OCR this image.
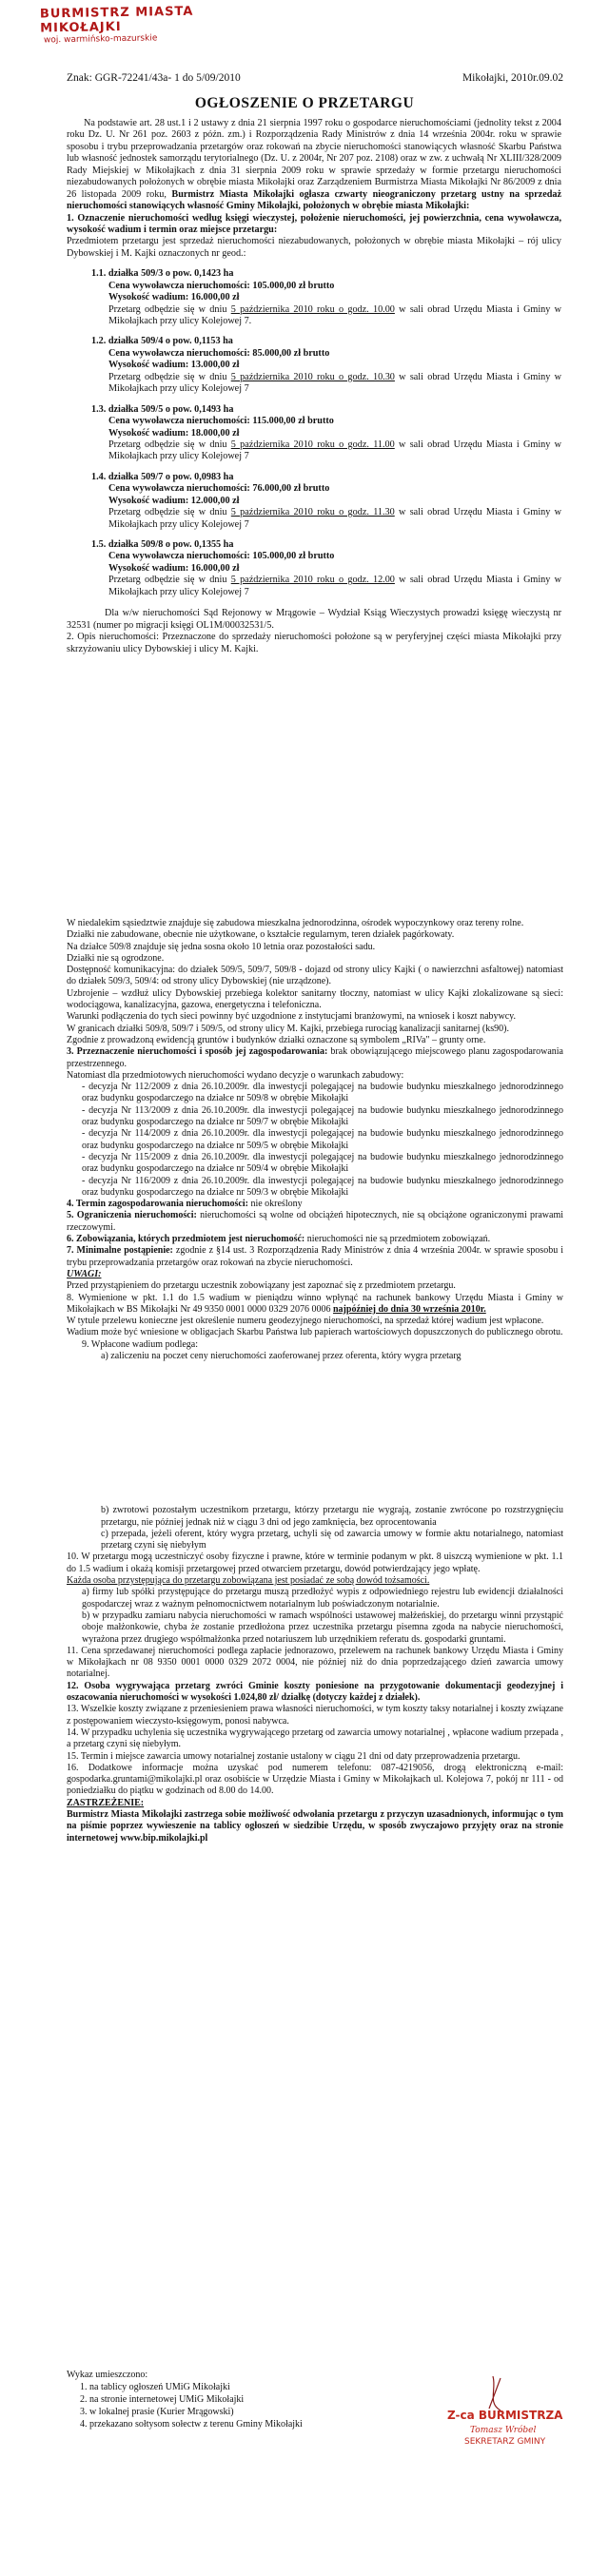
BURMISTRZ MIASTA MIKOŁAJKI
woj. warmińsko-mazurskie
Znak: GGR-72241/43a- 1 do 5/09/2010	Mikołajki, 2010r.09.02
OGŁOSZENIE O PRZETARGU

Na podstawie art. 28 ust.1 i 2 ustawy z dnia 21 sierpnia 1997 roku o gospodarce nieruchomościami (jednolity tekst z 2004 roku Dz. U. Nr 261 poz. 2603 z późn. zm.) i Rozporządzenia Rady Ministrów z dnia 14 września 2004r. roku w sprawie sposobu i trybu przeprowadzania przetargów oraz rokowań na zbycie nieruchomości stanowiących własność Skarbu Państwa lub własność jednostek samorządu terytorialnego (Dz. U. z 2004r, Nr 207 poz. 2108) oraz w zw. z uchwałą Nr XLIII/328/2009 Rady Miejskiej w Mikołajkach z dnia 31 sierpnia 2009 roku w sprawie sprzedaży w formie przetargu nieruchomości niezabudowanych położonych w obrębie miasta Mikołajki oraz Zarządzeniem Burmistrza Miasta Mikołajki Nr 86/2009 z dnia 26 listopada 2009 roku, Burmistrz Miasta Mikołajki ogłasza czwarty nieograniczony przetarg ustny na sprzedaż nieruchomości stanowiących własność Gminy Mikołajki, położonych w obrębie miasta Mikołajki:

1. Oznaczenie nieruchomości według księgi wieczystej, położenie nieruchomości, jej powierzchnia, cena wywoławcza, wysokość wadium i termin oraz miejsce przetargu:

Przedmiotem przetargu jest sprzedaż nieruchomości niezabudowanych, położonych w obrębie miasta Mikołajki – rój ulicy Dybowskiej i M. Kajki oznaczonych nr geod.:

1.1. działka 509/3 o pow. 0,1423 ha
Cena wywoławcza nieruchomości: 105.000,00 zł brutto
Wysokość wadium: 16.000,00 zł
Przetarg odbędzie się w dniu 5 października 2010 roku o godz. 10.00 w sali obrad Urzędu Miasta i Gminy w Mikołajkach przy ulicy Kolejowej 7.
1.2. działka 509/4 o pow. 0,1153 ha
Cena wywoławcza nieruchomości: 85.000,00 zł brutto
Wysokość wadium: 13.000,00 zł
Przetarg odbędzie się w dniu 5 października 2010 roku o godz. 10.30 w sali obrad Urzędu Miasta i Gminy w Mikołajkach przy ulicy Kolejowej 7
1.3. działka 509/5 o pow. 0,1493 ha
Cena wywoławcza nieruchomości: 115.000,00 zł brutto
Wysokość wadium: 18.000,00 zł
Przetarg odbędzie się w dniu 5 października 2010 roku o godz. 11.00 w sali obrad Urzędu Miasta i Gminy w Mikołajkach przy ulicy Kolejowej 7
1.4. działka 509/7 o pow. 0,0983 ha
Cena wywoławcza nieruchomości: 76.000,00 zł brutto
Wysokość wadium: 12.000,00 zł
Przetarg odbędzie się w dniu 5 października 2010 roku o godz. 11.30 w sali obrad Urzędu Miasta i Gminy w Mikołajkach przy ulicy Kolejowej 7
1.5. działka 509/8 o pow. 0,1355 ha
Cena wywoławcza nieruchomości: 105.000,00 zł brutto
Wysokość wadium: 16.000,00 zł
Przetarg odbędzie się w dniu 5 października 2010 roku o godz. 12.00 w sali obrad Urzędu Miasta i Gminy w Mikołajkach przy ulicy Kolejowej 7

Dla w/w nieruchomości Sąd Rejonowy w Mrągowie – Wydział Ksiąg Wieczystych prowadzi księgę wieczystą nr 32531 (numer po migracji księgi OL1M/00032531/5.

2. Opis nieruchomości: Przeznaczone do sprzedaży nieruchomości położone są w peryferyjnej części miasta Mikołajki przy skrzyżowaniu ulicy Dybowskiej i ulicy M. Kajki.

W niedalekim sąsiedztwie znajduje się zabudowa mieszkalna jednorodzinna, ośrodek wypoczynkowy oraz tereny rolne.

Działki nie zabudowane, obecnie nie użytkowane, o kształcie regularnym, teren działek pagórkowaty.

Na działce 509/8 znajduje się jedna sosna około 10 letnia oraz pozostałości sadu.

Działki nie są ogrodzone.

Dostępność komunikacyjna: do działek 509/5, 509/7, 509/8 - dojazd od strony ulicy Kajki ( o nawierzchni asfaltowej) natomiast do działek 509/3, 509/4: od strony ulicy Dybowskiej (nie urządzone).

Uzbrojenie – wzdłuż ulicy Dybowskiej przebiega kolektor sanitarny tłoczny, natomiast w ulicy Kajki zlokalizowane są sieci: wodociągowa, kanalizacyjna, gazowa, energetyczna i telefoniczna.

Warunki podłączenia do tych sieci powinny być uzgodnione z instytucjami branżowymi, na wniosek i koszt nabywcy.

W granicach działki 509/8, 509/7 i 509/5, od strony ulicy M. Kajki, przebiega rurociąg kanalizacji sanitarnej (ks90).

Zgodnie z prowadzoną ewidencją gruntów i budynków działki oznaczone są symbolem „RIVa" – grunty orne.

3. Przeznaczenie nieruchomości i sposób jej zagospodarowania: brak obowiązującego miejscowego planu zagospodarowania przestrzennego.

Natomiast dla przedmiotowych nieruchomości wydano decyzje o warunkach zabudowy:

- decyzja Nr 112/2009 z dnia 26.10.2009r. dla inwestycji polegającej na budowie budynku mieszkalnego jednorodzinnego oraz budynku gospodarczego na działce nr 509/8 w obrębie Mikołajki

- decyzja Nr 113/2009 z dnia 26.10.2009r. dla inwestycji polegającej na budowie budynku mieszkalnego jednorodzinnego oraz budynku gospodarczego na działce nr 509/7 w obrębie Mikołajki

- decyzja Nr 114/2009 z dnia 26.10.2009r. dla inwestycji polegającej na budowie budynku mieszkalnego jednorodzinnego oraz budynku gospodarczego na działce nr 509/5 w obrębie Mikołajki

- decyzja Nr 115/2009 z dnia 26.10.2009r. dla inwestycji polegającej na budowie budynku mieszkalnego jednorodzinnego oraz budynku gospodarczego na działce nr 509/4 w obrębie Mikołajki

- decyzja Nr 116/2009 z dnia 26.10.2009r. dla inwestycji polegającej na budowie budynku mieszkalnego jednorodzinnego oraz budynku gospodarczego na działce nr 509/3 w obrębie Mikołajki

4. Termin zagospodarowania nieruchomości: nie określony

5. Ograniczenia nieruchomości: nieruchomości są wolne od obciążeń hipotecznych, nie są obciążone ograniczonymi prawami rzeczowymi.

6. Zobowiązania, których przedmiotem jest nieruchomość: nieruchomości nie są przedmiotem zobowiązań.

7. Minimalne postąpienie: zgodnie z §14 ust. 3 Rozporządzenia Rady Ministrów z dnia 4 września 2004r. w sprawie sposobu i trybu przeprowadzania przetargów oraz rokowań na zbycie nieruchomości.

UWAGI:

Przed przystąpieniem do przetargu uczestnik zobowiązany jest zapoznać się z przedmiotem przetargu.

8. Wymienione w pkt. 1.1 do 1.5 wadium w pieniądzu winno wpłynąć na rachunek bankowy Urzędu Miasta i Gminy w Mikołajkach w BS Mikołajki Nr 49 9350 0001 0000 0329 2076 0006 najpóźniej do dnia 30 września 2010r.

W tytule przelewu konieczne jest określenie numeru geodezyjnego nieruchomości, na sprzedaż której wadium jest wpłacone.

Wadium może być wniesione w obligacjach Skarbu Państwa lub papierach wartościowych dopuszczonych do publicznego obrotu.

9. Wpłacone wadium podlega:

a) zaliczeniu na poczet ceny nieruchomości zaoferowanej przez oferenta, który wygra przetarg

b) zwrotowi pozostałym uczestnikom przetargu, którzy przetargu nie wygrają, zostanie zwrócone po rozstrzygnięciu przetargu, nie później jednak niż w ciągu 3 dni od jego zamknięcia, bez oprocentowania

c) przepada, jeżeli oferent, który wygra przetarg, uchyli się od zawarcia umowy w formie aktu notarialnego, natomiast przetarg czyni się niebyłym

10. W przetargu mogą uczestniczyć osoby fizyczne i prawne, które w terminie podanym w pkt. 8 uiszczą wymienione w pkt. 1.1 do 1.5 wadium i okażą komisji przetargowej przed otwarciem przetargu, dowód potwierdzający jego wpłatę.

Każda osoba przystępująca do przetargu zobowiązana jest posiadać ze sobą dowód tożsamości.

a) firmy lub spółki przystępujące do przetargu muszą przedłożyć wypis z odpowiedniego rejestru lub ewidencji działalności gospodarczej wraz z ważnym pełnomocnictwem notarialnym lub poświadczonym notarialnie.

b) w przypadku zamiaru nabycia nieruchomości w ramach wspólności ustawowej małżeńskiej, do przetargu winni przystąpić oboje małżonkowie, chyba że zostanie przedłożona przez uczestnika przetargu pisemna zgoda na nabycie nieruchomości, wyrażona przez drugiego współmałżonka przed notariuszem lub urzędnikiem referatu ds. gospodarki gruntami.

11. Cena sprzedawanej nieruchomości podlega zapłacie jednorazowo, przelewem na rachunek bankowy Urzędu Miasta i Gminy w Mikołajkach nr 08 9350 0001 0000 0329 2072 0004, nie później niż do dnia poprzedzającego dzień zawarcia umowy notarialnej.

12. Osoba wygrywająca przetarg zwróci Gminie koszty poniesione na przygotowanie dokumentacji geodezyjnej i oszacowania nieruchomości w wysokości 1.024,80 zł/ działkę (dotyczy każdej z działek).

13. Wszelkie koszty związane z przeniesieniem prawa własności nieruchomości, w tym koszty taksy notarialnej i koszty związane z postępowaniem wieczysto-księgowym, ponosi nabywca.

14. W przypadku uchylenia się uczestnika wygrywającego przetarg od zawarcia umowy notarialnej , wpłacone wadium przepada , a przetarg czyni się niebyłym.

15. Termin i miejsce zawarcia umowy notarialnej zostanie ustalony w ciągu 21 dni od daty przeprowadzenia przetargu.

16. Dodatkowe informacje można uzyskać pod numerem telefonu: 087-4219056, drogą elektroniczną e-mail: gospodarka.gruntami@mikolajki.pl oraz osobiście w Urzędzie Miasta i Gminy w Mikołajkach ul. Kolejowa 7, pokój nr 111 - od poniedziałku do piątku w godzinach od 8.00 do 14.00.

ZASTRZEŻENIE:

Burmistrz Miasta Mikołajki zastrzega sobie możliwość odwołania przetargu z przyczyn uzasadnionych, informując o tym na piśmie poprzez wywieszenie na tablicy ogłoszeń w siedzibie Urzędu, w sposób zwyczajowo przyjęty oraz na stronie internetowej www.bip.mikolajki.pl

Wykaz umieszczono:
1. na tablicy ogłoszeń UMiG Mikołajki
2. na stronie internetowej UMiG Mikołajki
3. w lokalnej prasie (Kurier Mrągowski)
4. przekazano sołtysom sołectw z terenu Gminy Mikołajki
Z-ca BURMISTRZA
Tomasz Wróbel
SEKRETARZ GMINY
